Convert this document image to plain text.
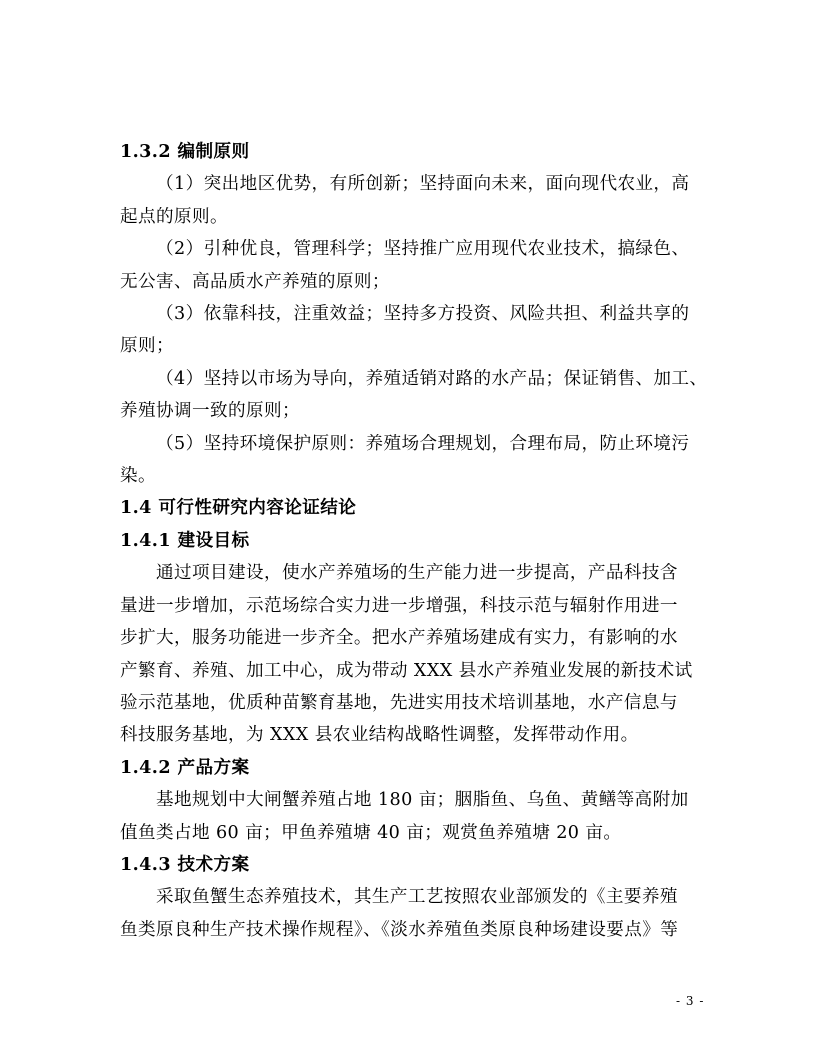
1.3.2 编制原则

（1）突出地区优势，有所创新；坚持面向未来，面向现代农业，高

起点的原则。

（2）引种优良，管理科学；坚持推广应用现代农业技术，搞绿色、

无公害、高品质水产养殖的原则；

（3）依靠科技，注重效益；坚持多方投资、风险共担、利益共享的

原则；

（4）坚持以市场为导向，养殖适销对路的水产品；保证销售、加工、

养殖协调一致的原则；

（5）坚持环境保护原则：养殖场合理规划，合理布局，防止环境污

染。

1.4 可行性研究内容论证结论

1.4.1 建设目标

通过项目建设，使水产养殖场的生产能力进一步提高，产品科技含

量进一步增加，示范场综合实力进一步增强，科技示范与辐射作用进一

步扩大，服务功能进一步齐全。把水产养殖场建成有实力，有影响的水

产繁育、养殖、加工中心，成为带动 XXX 县水产养殖业发展的新技术试

验示范基地，优质种苗繁育基地，先进实用技术培训基地，水产信息与

科技服务基地，为 XXX 县农业结构战略性调整，发挥带动作用。

1.4.2 产品方案

基地规划中大闸蟹养殖占地 180 亩；胭脂鱼、乌鱼、黄鳝等高附加

值鱼类占地 60 亩；甲鱼养殖塘 40 亩；观赏鱼养殖塘 20 亩。

1.4.3 技术方案

采取鱼蟹生态养殖技术，其生产工艺按照农业部颁发的《主要养殖

鱼类原良种生产技术操作规程》、《淡水养殖鱼类原良种场建设要点》等

- 3 -
